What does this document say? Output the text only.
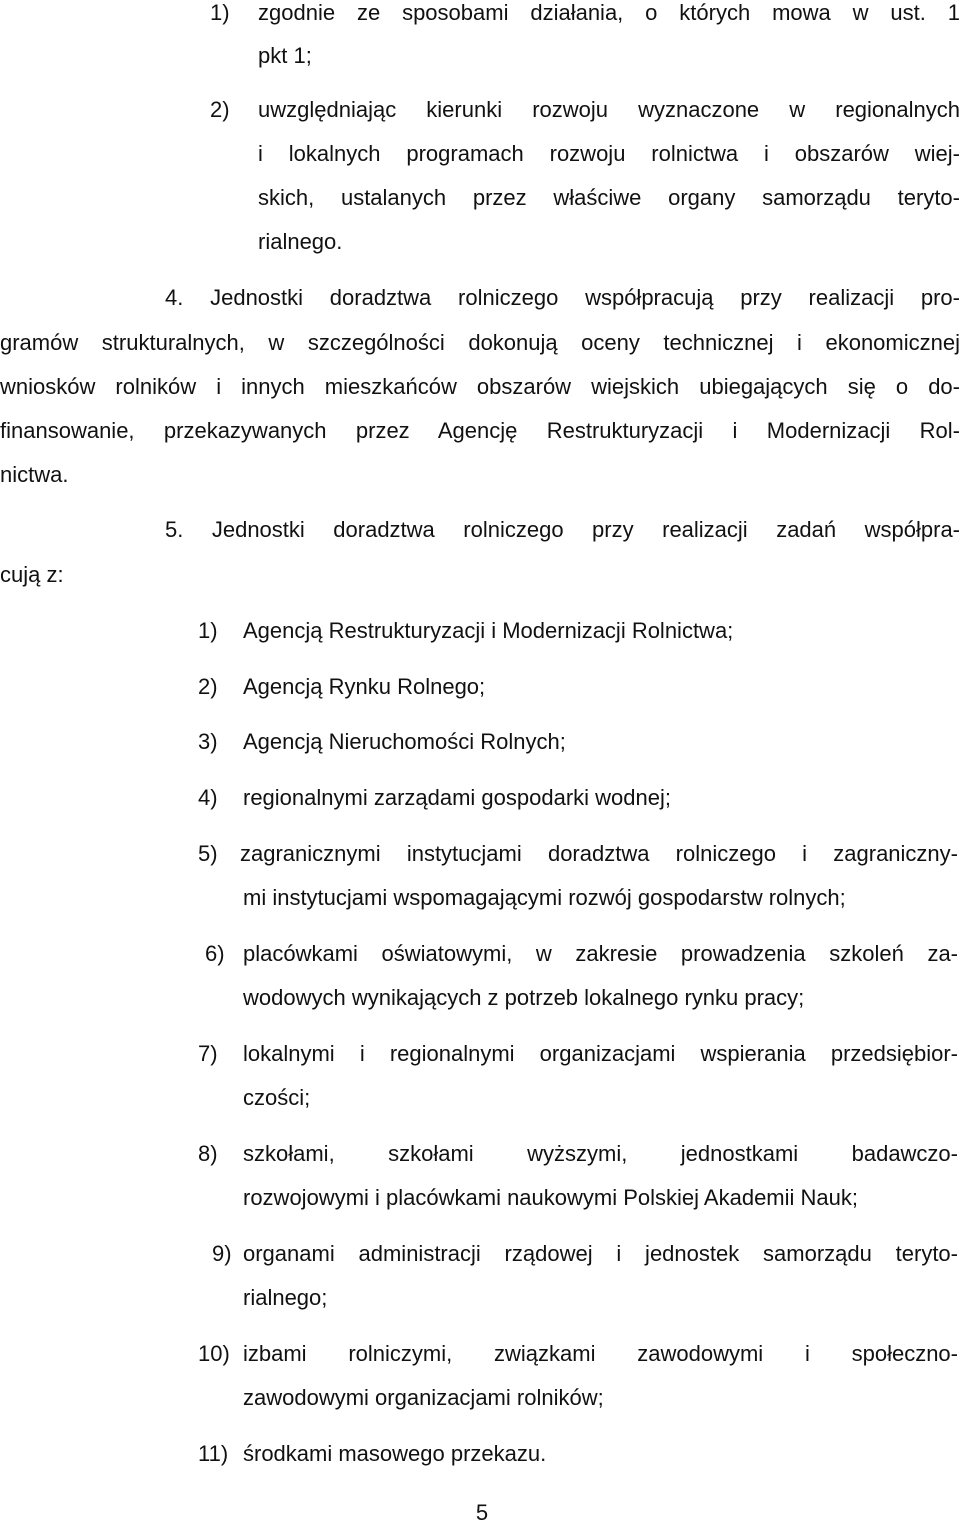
1) zgodnie ze sposobami działania, o których mowa w ust. 1
pkt 1;
2) uwzględniając kierunki rozwoju wyznaczone w regionalnych
i lokalnych programach rozwoju rolnictwa i obszarów wiej-
skich, ustalanych przez właściwe organy samorządu teryto-
rialnego.
4. Jednostki doradztwa rolniczego współpracują przy realizacji pro-
gramów strukturalnych, w szczególności dokonują oceny technicznej i ekonomicznej
wniosków rolników i innych mieszkańców obszarów wiejskich ubiegających się o do-
finansowanie, przekazywanych przez Agencję Restrukturyzacji i Modernizacji Rol-
nictwa.
5. Jednostki doradztwa rolniczego przy realizacji zadań współpra-
cują z:
1) Agencją Restrukturyzacji i Modernizacji Rolnictwa;
2) Agencją Rynku Rolnego;
3) Agencją Nieruchomości Rolnych;
4) regionalnymi zarządami gospodarki wodnej;
5) zagranicznymi instytucjami doradztwa rolniczego i zagraniczny-
mi instytucjami wspomagającymi rozwój gospodarstw rolnych;
6) placówkami oświatowymi, w zakresie prowadzenia szkoleń za-
wodowych wynikających z potrzeb lokalnego rynku pracy;
7) lokalnymi i regionalnymi organizacjami wspierania przedsiębior-
czości;
8) szkołami, szkołami wyższymi, jednostkami badawczo-
rozwojowymi i placówkami naukowymi Polskiej Akademii Nauk;
9) organami administracji rządowej i jednostek samorządu teryto-
rialnego;
10) izbami rolniczymi, związkami zawodowymi i społeczno-
zawodowymi organizacjami rolników;
11) środkami masowego przekazu.
5
